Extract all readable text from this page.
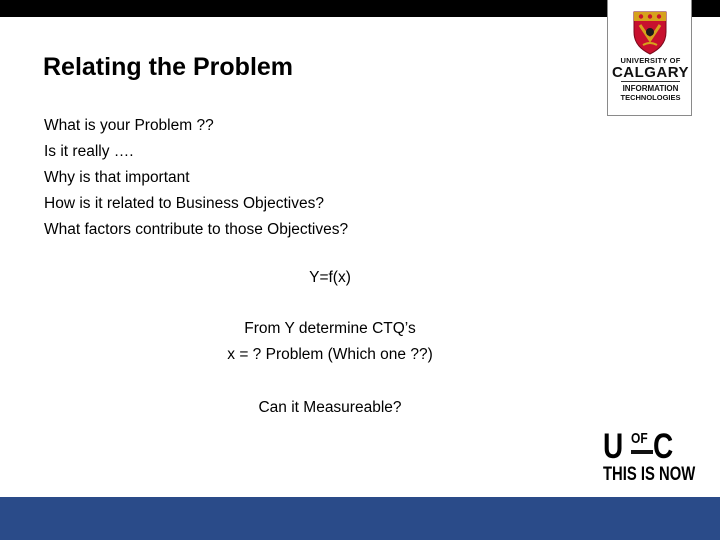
UNIVERSITY OF
CALGARY
INFORMATION
TECHNOLOGIES
Relating the Problem
What is your Problem ??
Is it really ….
Why is that important
How is it related to Business Objectives?
What factors contribute to those Objectives?
Y=f(x)
From Y determine CTQ’s
x = ? Problem (Which one ??)
Can it Measureable?
U OF C
THIS IS NOW
